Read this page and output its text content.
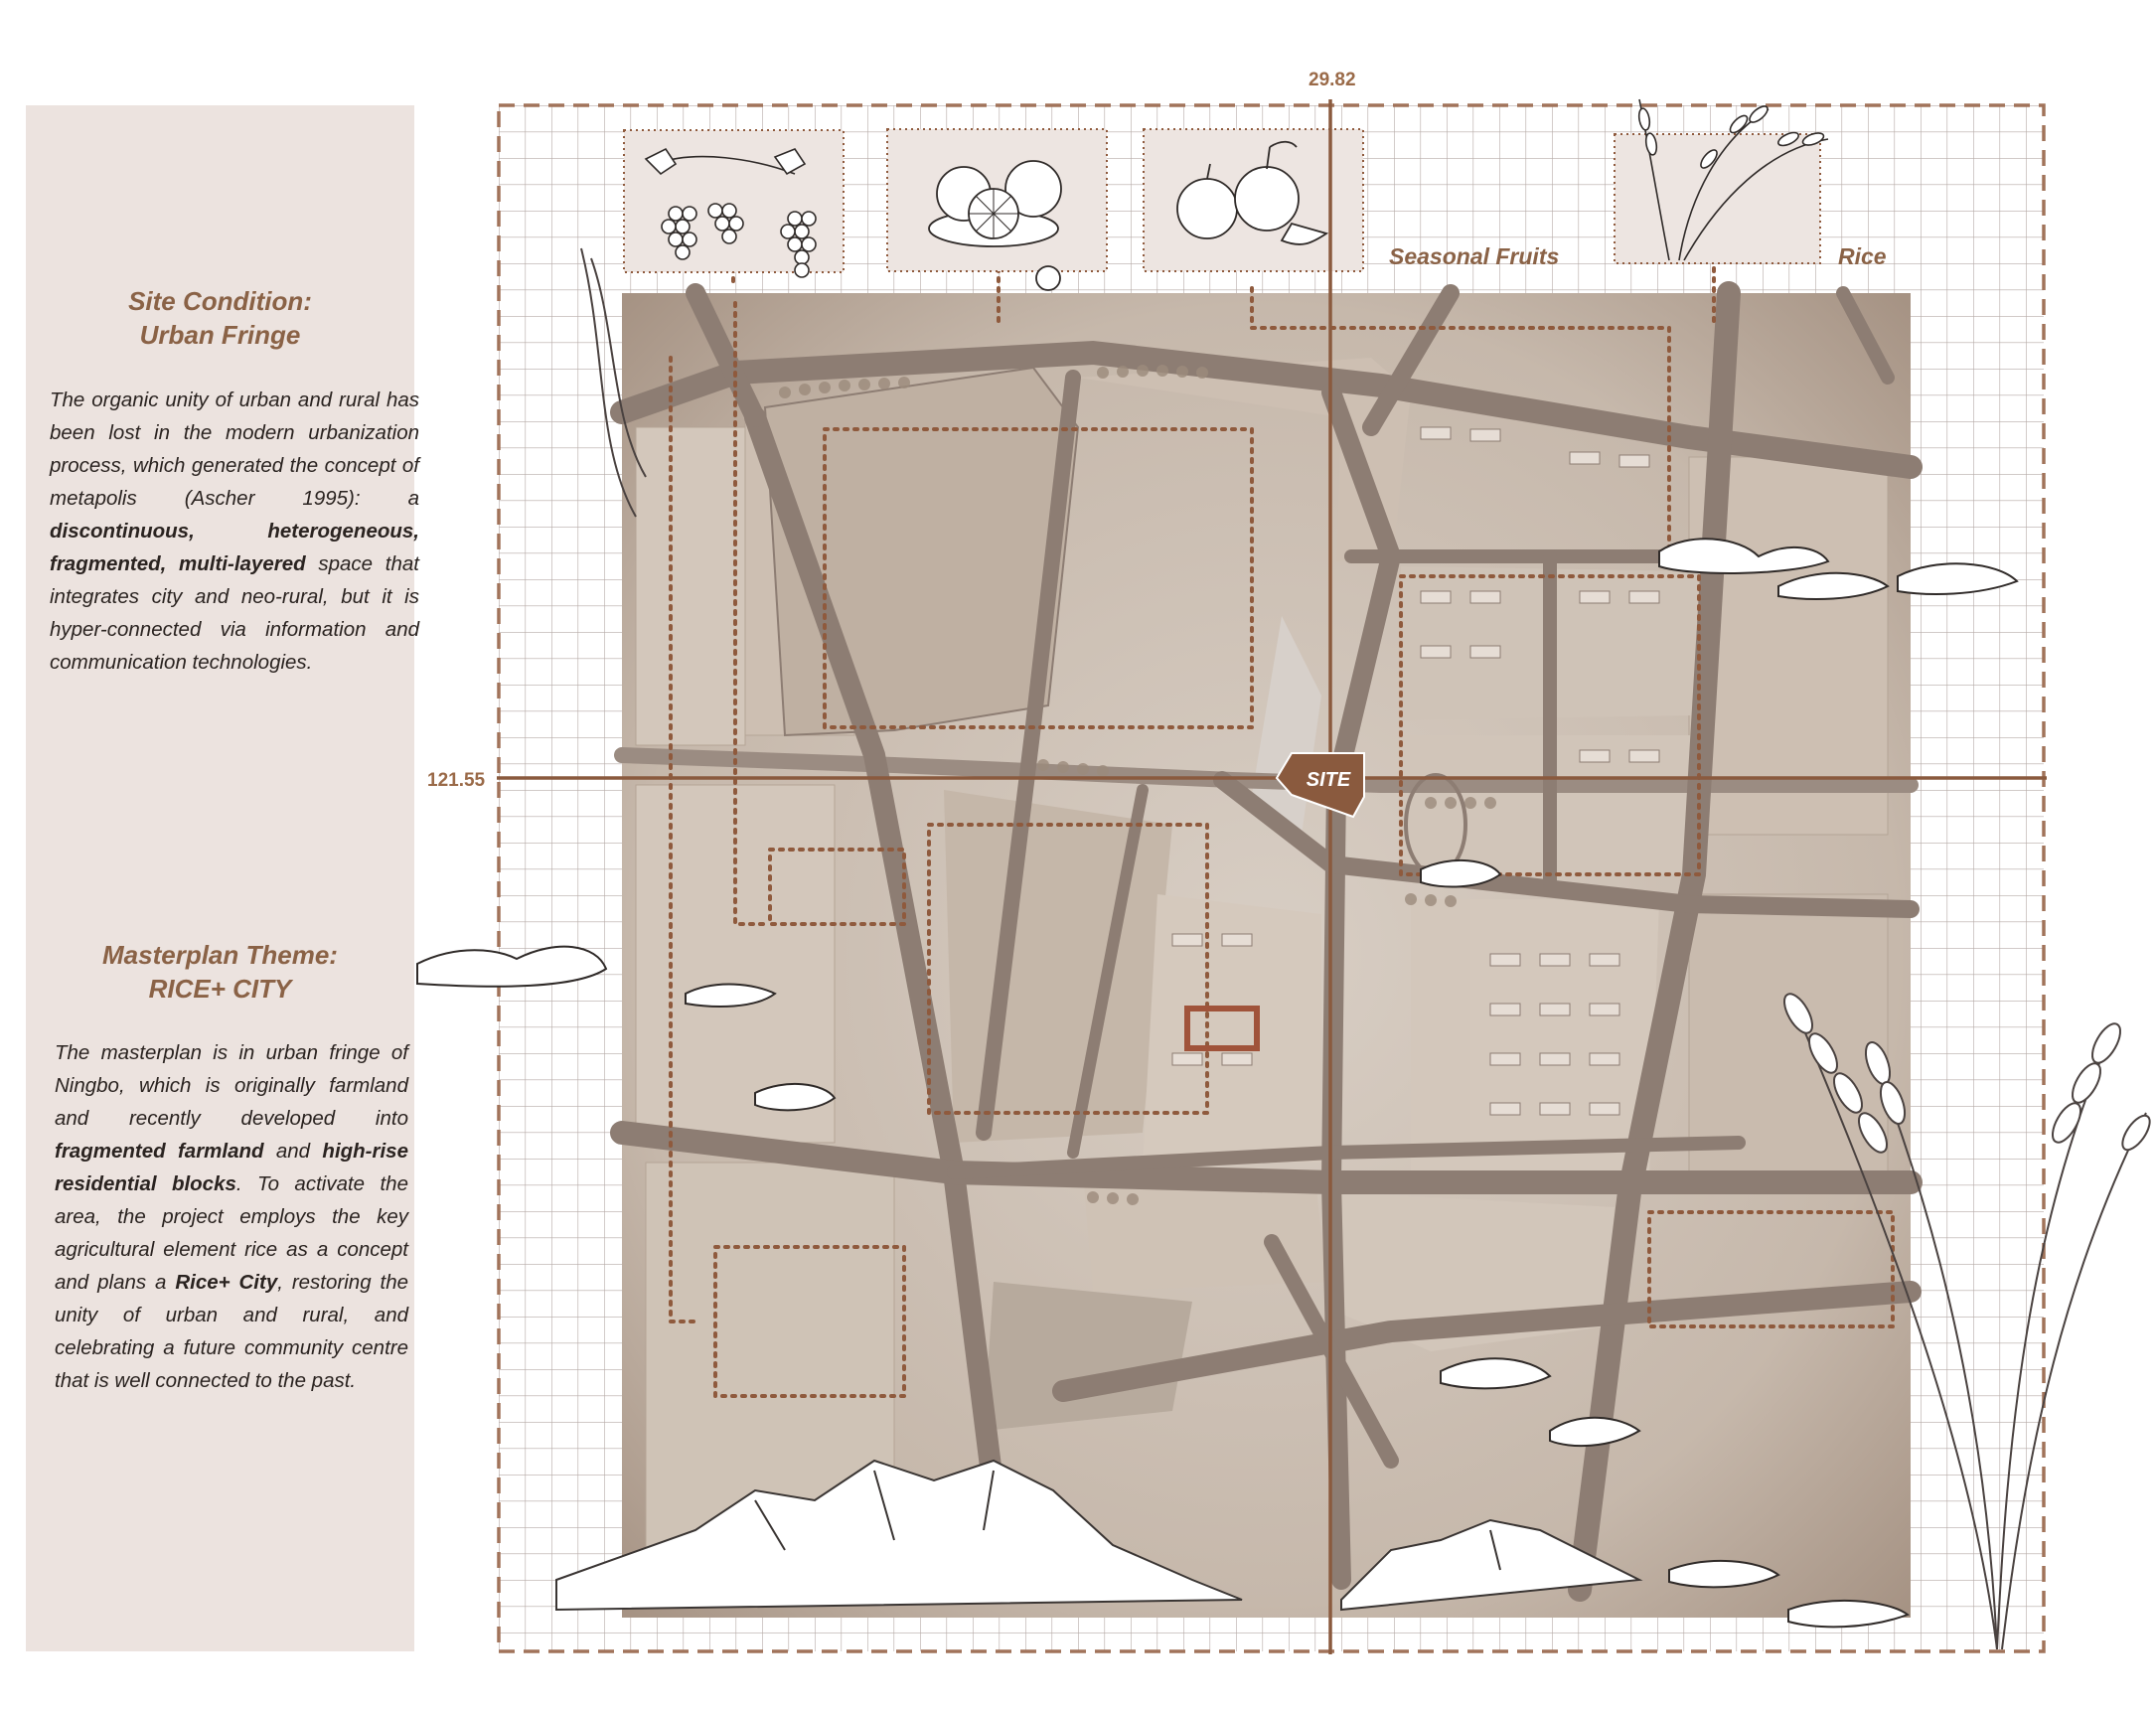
Site Condition:
Urban Fringe
The organic unity of urban and rural has been lost in the modern urbanization process, which generated the concept of metapolis (Ascher 1995): a discontinuous, heterogeneous, fragmented, multi-layered space that integrates city and neo-rural, but it is hyper-connected via information and communication technologies.
Masterplan Theme:
RICE+ CITY
The masterplan is in urban fringe of Ningbo, which is originally farmland and recently developed into fragmented farmland and high-rise residential blocks. To activate the area, the project employs the key agricultural element rice as a concept and plans a Rice+ City, restoring the unity of urban and rural, and celebrating a future community centre that is well connected to the past.
SITE
29.82
121.55
Seasonal Fruits	Rice
